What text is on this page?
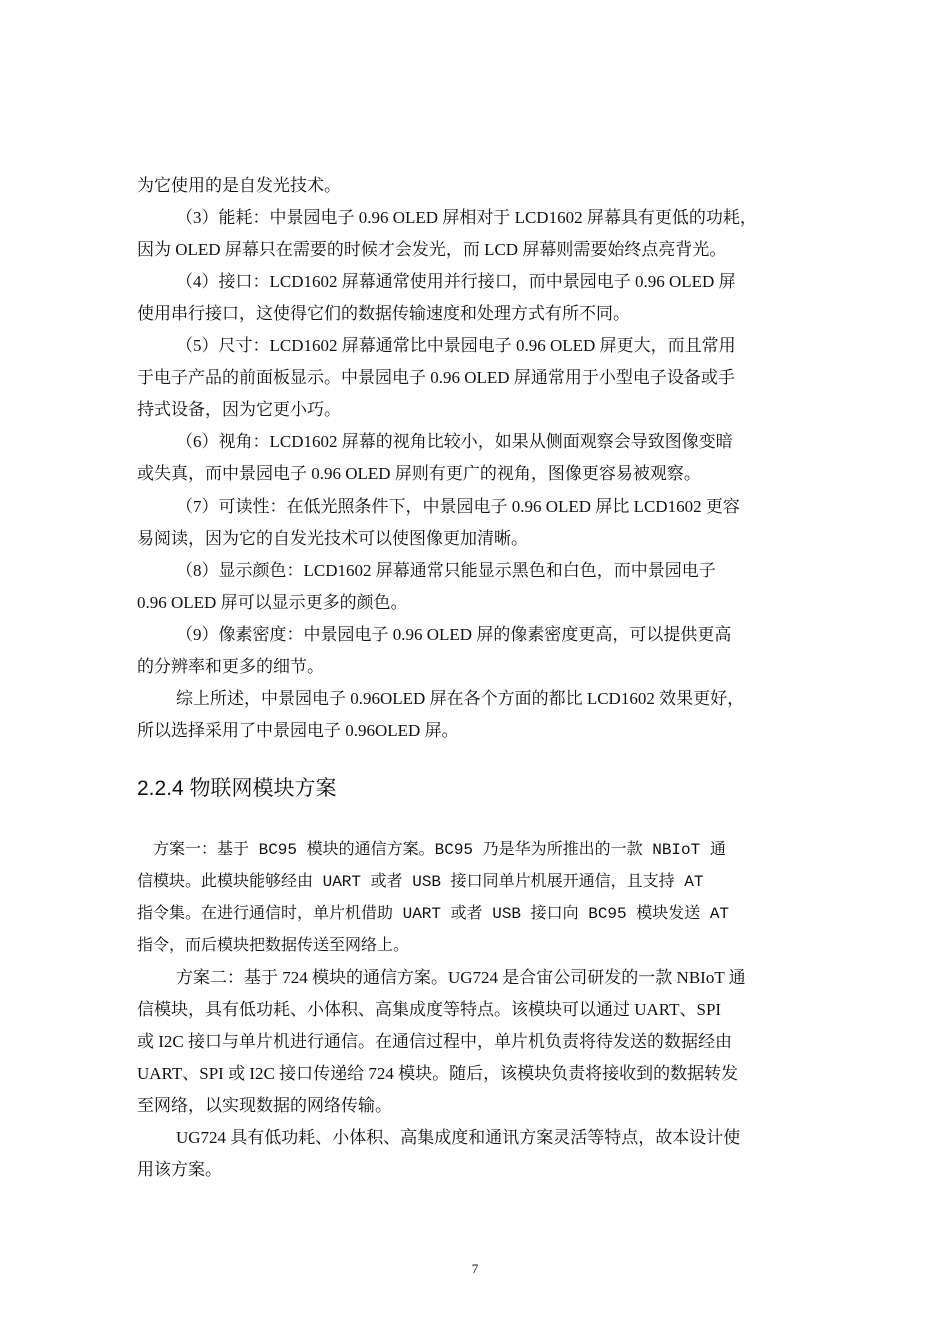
为它使用的是自发光技术。
（3）能耗：中景园电子 0.96 OLED 屏相对于 LCD1602 屏幕具有更低的功耗，
因为 OLED 屏幕只在需要的时候才会发光，而 LCD 屏幕则需要始终点亮背光。
（4）接口：LCD1602 屏幕通常使用并行接口，而中景园电子 0.96 OLED 屏
使用串行接口，这使得它们的数据传输速度和处理方式有所不同。
（5）尺寸：LCD1602 屏幕通常比中景园电子 0.96 OLED 屏更大，而且常用
于电子产品的前面板显示。中景园电子 0.96 OLED 屏通常用于小型电子设备或手
持式设备，因为它更小巧。
（6）视角：LCD1602 屏幕的视角比较小，如果从侧面观察会导致图像变暗
或失真，而中景园电子 0.96 OLED 屏则有更广的视角，图像更容易被观察。
（7）可读性：在低光照条件下，中景园电子 0.96 OLED 屏比 LCD1602 更容
易阅读，因为它的自发光技术可以使图像更加清晰。
（8）显示颜色：LCD1602 屏幕通常只能显示黑色和白色，而中景园电子
0.96 OLED 屏可以显示更多的颜色。
（9）像素密度：中景园电子 0.96 OLED 屏的像素密度更高，可以提供更高
的分辨率和更多的细节。
综上所述，中景园电子 0.96OLED 屏在各个方面的都比 LCD1602 效果更好，
所以选择采用了中景园电子 0.96OLED 屏。
2.2.4 物联网模块方案
方案一：基于 BC95 模块的通信方案。BC95 乃是华为所推出的一款 NBIoT 通
信模块。此模块能够经由 UART 或者 USB 接口同单片机展开通信，且支持 AT
指令集。在进行通信时，单片机借助 UART 或者 USB 接口向 BC95 模块发送 AT
指令，而后模块把数据传送至网络上。
方案二：基于 724 模块的通信方案。UG724 是合宙公司研发的一款 NBIoT 通
信模块，具有低功耗、小体积、高集成度等特点。该模块可以通过 UART、SPI
或 I2C 接口与单片机进行通信。在通信过程中，单片机负责将待发送的数据经由
UART、SPI 或 I2C 接口传递给 724 模块。随后，该模块负责将接收到的数据转发
至网络，以实现数据的网络传输。
UG724 具有低功耗、小体积、高集成度和通讯方案灵活等特点，故本设计使
用该方案。
7
